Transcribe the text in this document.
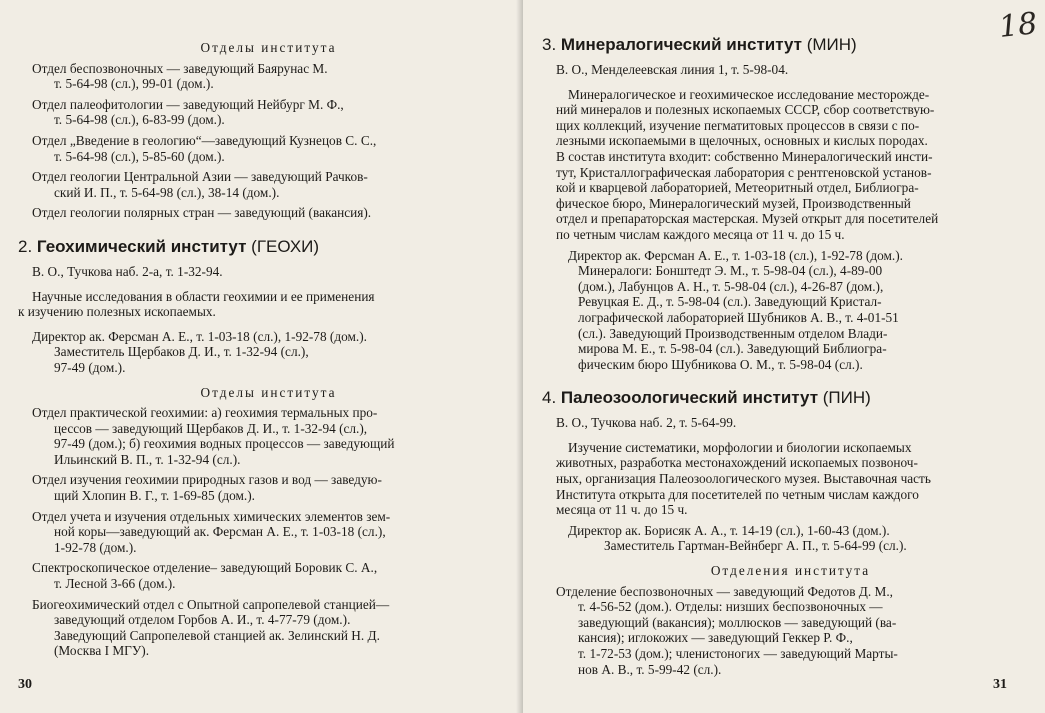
Отделы института
Отдел беспозвоночных — заведующий Баярунас М.
т. 5-64-98 (сл.), 99-01 (дом.).
Отдел палеофитологии — заведующий Нейбург М. Ф.,
т. 5-64-98 (сл.), 6-83-99 (дом.).
Отдел „Введение в геологию“—заведующий Кузнецов С. С.,
т. 5-64-98 (сл.), 5-85-60 (дом.).
Отдел геологии Центральной Азии — заведующий Рачков-
ский И. П., т. 5-64-98 (сл.), 38-14 (дом.).
Отдел геологии полярных стран — заведующий (вакансия).
2. Геохимический институт (ГЕОХИ)
В. О., Тучкова наб. 2-а, т. 1-32-94.
Научные исследования в области геохимии и ее применения
к изучению полезных ископаемых.
Директор ак. Ферсман А. Е., т. 1-03-18 (сл.), 1-92-78 (дом.).
Заместитель Щербаков Д. И., т. 1-32-94 (сл.),
97-49 (дом.).
Отделы института
Отдел практической геохимии: а) геохимия термальных про-
цессов — заведующий Щербаков Д. И., т. 1-32-94 (сл.),
97-49 (дом.); б) геохимия водных процессов — заведующий
Ильинский В. П., т. 1-32-94 (сл.).
Отдел изучения геохимии природных газов и вод — заведую-
щий Хлопин В. Г., т. 1-69-85 (дом.).
Отдел учета и изучения отдельных химических элементов зем-
ной коры—заведующий ак. Ферсман А. Е., т. 1-03-18 (сл.),
1-92-78 (дом.).
Спектроскопическое отделение– заведующий Боровик С. А.,
т. Лесной 3-66 (дом.).
Биогеохимический отдел с Опытной сапропелевой станцией—
заведующий отделом Горбов А. И., т. 4-77-79 (дом.).
Заведующий Сапропелевой станцией ак. Зелинский Н. Д.
(Москва I МГУ).
30
18
3. Минералогический институт (МИН)
В. О., Менделеевская линия 1, т. 5-98-04.
Минералогическое и геохимическое исследование месторожде-
ний минералов и полезных ископаемых СССР, сбор соответствую-
щих коллекций, изучение пегматитовых процессов в связи с по-
лезными ископаемыми в щелочных, основных и кислых породах.
В состав института входит: собственно Минералогический инсти-
тут, Кристаллографическая лаборатория с рентгеновской установ-
кой и кварцевой лабораторией, Метеоритный отдел, Библиогра-
фическое бюро, Минералогический музей, Производственный
отдел и препараторская мастерская. Музей открыт для посетителей
по четным числам каждого месяца от 11 ч. до 15 ч.
Директор ак. Ферсман А. Е., т. 1-03-18 (сл.), 1-92-78 (дом.).
Минералоги: Бонштедт Э. М., т. 5-98-04 (сл.), 4-89-00
(дом.), Лабунцов А. Н., т. 5-98-04 (сл.), 4-26-87 (дом.),
Ревуцкая Е. Д., т. 5-98-04 (сл.). Заведующий Кристал-
лографической лабораторией Шубников А. В., т. 4-01-51
(сл.). Заведующий Производственным отделом Влади-
мирова М. Е., т. 5-98-04 (сл.). Заведующий Библиогра-
фическим бюро Шубникова О. М., т. 5-98-04 (сл.).
4. Палеозоологический институт (ПИН)
В. О., Тучкова наб. 2, т. 5-64-99.
Изучение систематики, морфологии и биологии ископаемых
животных, разработка местонахождений ископаемых позвоноч-
ных, организация Палеозоологического музея. Выставочная часть
Института открыта для посетителей по четным числам каждого
месяца от 11 ч. до 15 ч.
Директор ак. Борисяк А. А., т. 14-19 (сл.), 1-60-43 (дом.).
Заместитель Гартман-Вейнберг А. П., т. 5-64-99 (сл.).
Отделения института
Отделение беспозвоночных — заведующий Федотов Д. М.,
т. 4-56-52 (дом.). Отделы: низших беспозвоночных —
заведующий (вакансия); моллюсков — заведующий (ва-
кансия); иглокожих — заведующий Геккер Р. Ф.,
т. 1-72-53 (дом.); членистоногих — заведующий Марты-
нов А. В., т. 5-99-42 (сл.).
31
